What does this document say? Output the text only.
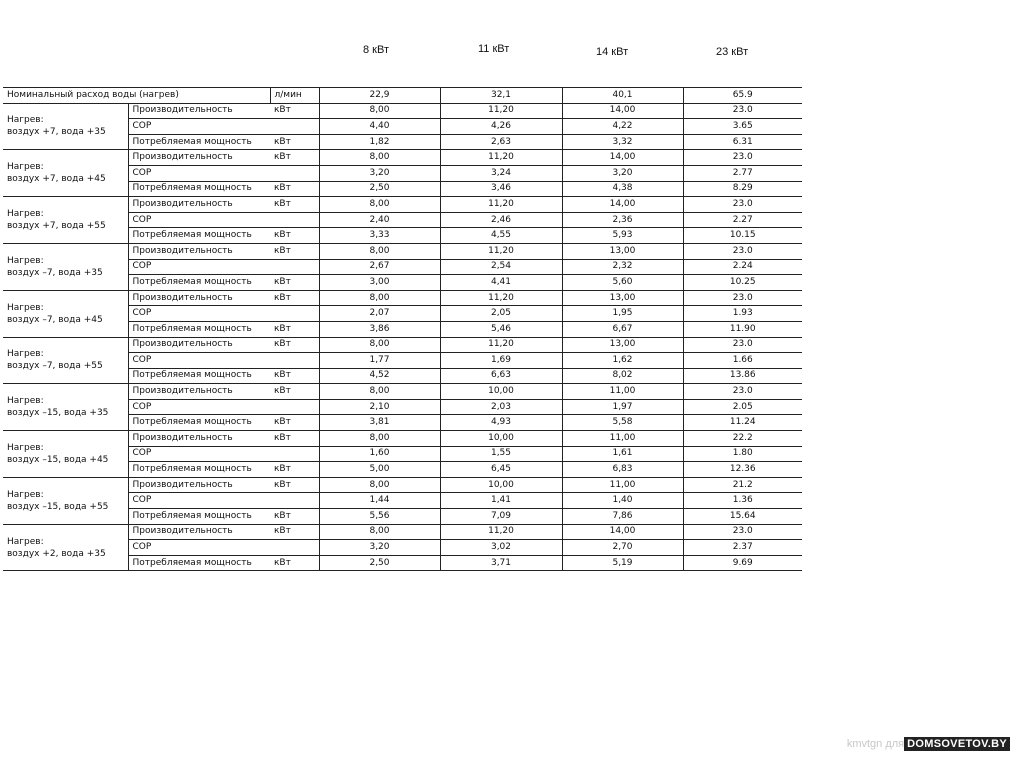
8 кВт	11 кВт	14 кВт	23 кВт
Номинальный расход воды (нагрев)		л/мин	22,9	32,1	40,1	65.9
Нагрев:
воздух +7, вода +35	Производительность	кВт	8,00	11,20	14,00	23.0
	COP		4,40	4,26	4,22	3.65
	Потребляемая мощность	кВт	1,82	2,63	3,32	6.31
Нагрев:
воздух +7, вода +45	Производительность	кВт	8,00	11,20	14,00	23.0
	COP		3,20	3,24	3,20	2.77
	Потребляемая мощность	кВт	2,50	3,46	4,38	8.29
Нагрев:
воздух +7, вода +55	Производительность	кВт	8,00	11,20	14,00	23.0
	COP		2,40	2,46	2,36	2.27
	Потребляемая мощность	кВт	3,33	4,55	5,93	10.15
Нагрев:
воздух –7, вода +35	Производительность	кВт	8,00	11,20	13,00	23.0
	COP		2,67	2,54	2,32	2.24
	Потребляемая мощность	кВт	3,00	4,41	5,60	10.25
Нагрев:
воздух –7, вода +45	Производительность	кВт	8,00	11,20	13,00	23.0
	COP		2,07	2,05	1,95	1.93
	Потребляемая мощность	кВт	3,86	5,46	6,67	11.90
Нагрев:
воздух –7, вода +55	Производительность	кВт	8,00	11,20	13,00	23.0
	COP		1,77	1,69	1,62	1.66
	Потребляемая мощность	кВт	4,52	6,63	8,02	13.86
Нагрев:
воздух –15, вода +35	Производительность	кВт	8,00	10,00	11,00	23.0
	COP		2,10	2,03	1,97	2.05
	Потребляемая мощность	кВт	3,81	4,93	5,58	11.24
Нагрев:
воздух –15, вода +45	Производительность	кВт	8,00	10,00	11,00	22.2
	COP		1,60	1,55	1,61	1.80
	Потребляемая мощность	кВт	5,00	6,45	6,83	12.36
Нагрев:
воздух –15, вода +55	Производительность	кВт	8,00	10,00	11,00	21.2
	COP		1,44	1,41	1,40	1.36
	Потребляемая мощность	кВт	5,56	7,09	7,86	15.64
Нагрев:
воздух +2, вода +35	Производительность	кВт	8,00	11,20	14,00	23.0
	COP		3,20	3,02	2,70	2.37
	Потребляемая мощность	кВт	2,50	3,71	5,19	9.69
kmvtgn для DOMSOVETOV.BY
